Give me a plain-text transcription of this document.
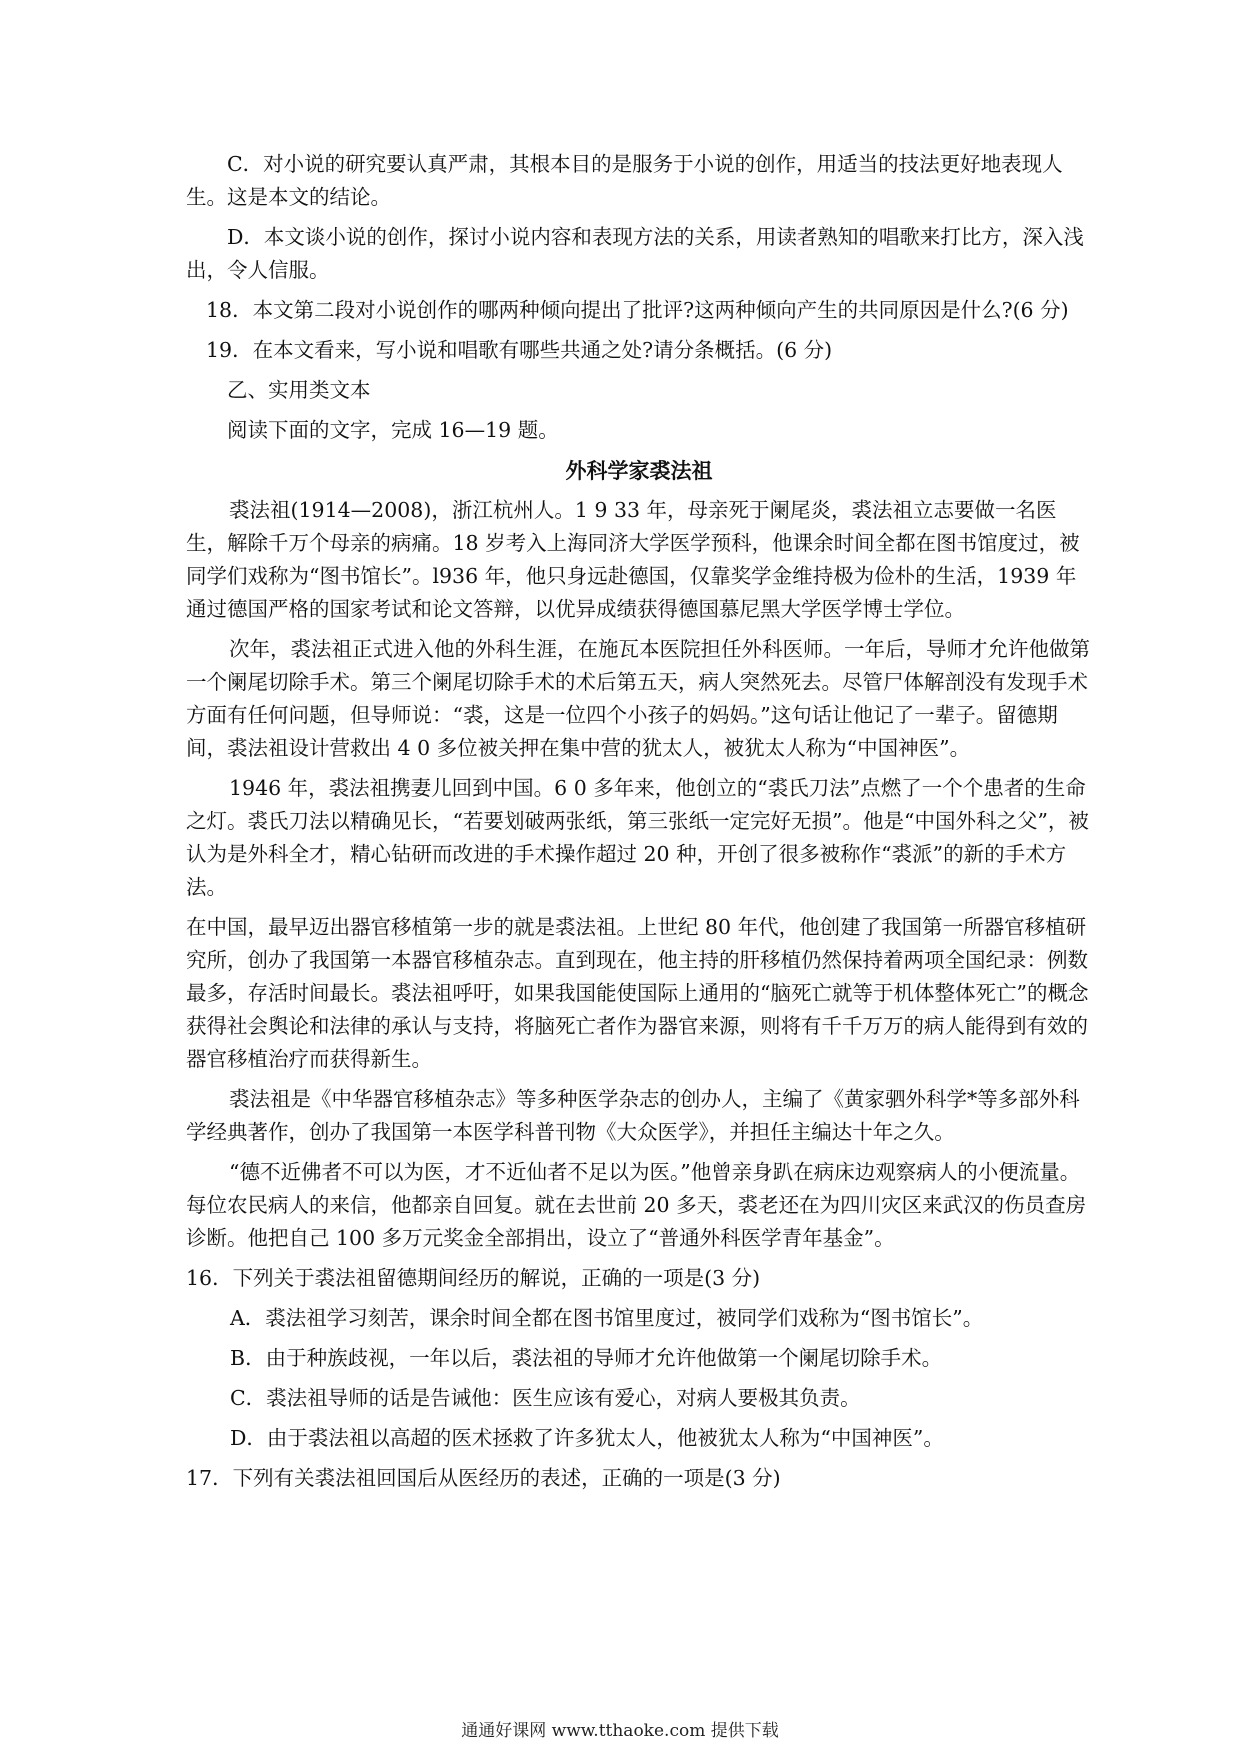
C．对小说的研究要认真严肃，其根本目的是服务于小说的创作，用适当的技法更好地表现人生。这是本文的结论。

D．本文谈小说的创作，探讨小说内容和表现方法的关系，用读者熟知的唱歌来打比方，深入浅出，令人信服。

18．本文第二段对小说创作的哪两种倾向提出了批评?这两种倾向产生的共同原因是什么?(6 分)

19．在本文看来，写小说和唱歌有哪些共通之处?请分条概括。(6 分)

乙、实用类文本

阅读下面的文字，完成 16—19 题。

外科学家裘法祖

裘法祖(1914—2008)，浙江杭州人。1 9 33 年，母亲死于阑尾炎，裘法祖立志要做一名医生，解除千万个母亲的病痛。18 岁考入上海同济大学医学预科，他课余时间全都在图书馆度过，被同学们戏称为“图书馆长”。l936 年，他只身远赴德国，仅靠奖学金维持极为俭朴的生活，1939 年通过德国严格的国家考试和论文答辩，以优异成绩获得德国慕尼黑大学医学博士学位。

次年，裘法祖正式进入他的外科生涯，在施瓦本医院担任外科医师。一年后，导师才允许他做第一个阑尾切除手术。第三个阑尾切除手术的术后第五天，病人突然死去。尽管尸体解剖没有发现手术方面有任何问题，但导师说：“裘，这是一位四个小孩子的妈妈。”这句话让他记了一辈子。留德期间，裘法祖设计营救出 4 0 多位被关押在集中营的犹太人，被犹太人称为“中国神医”。

1946 年，裘法祖携妻儿回到中国。6 0 多年来，他创立的“裘氏刀法”点燃了一个个患者的生命之灯。裘氏刀法以精确见长，“若要划破两张纸，第三张纸一定完好无损”。他是“中国外科之父”，被认为是外科全才，精心钻研而改进的手术操作超过 20 种，开创了很多被称作“裘派”的新的手术方法。

在中国，最早迈出器官移植第一步的就是裘法祖。上世纪 80 年代，他创建了我国第一所器官移植研究所，创办了我国第一本器官移植杂志。直到现在，他主持的肝移植仍然保持着两项全国纪录：例数最多，存活时间最长。裘法祖呼吁，如果我国能使国际上通用的“脑死亡就等于机体整体死亡”的概念获得社会舆论和法律的承认与支持，将脑死亡者作为器官来源，则将有千千万万的病人能得到有效的器官移植治疗而获得新生。

裘法祖是《中华器官移植杂志》等多种医学杂志的创办人，主编了《黄家驷外科学*等多部外科学经典著作，创办了我国第一本医学科普刊物《大众医学》，并担任主编达十年之久。

“德不近佛者不可以为医，才不近仙者不足以为医。”他曾亲身趴在病床边观察病人的小便流量。每位农民病人的来信，他都亲自回复。就在去世前 20 多天，裘老还在为四川灾区来武汉的伤员查房诊断。他把自己 100 多万元奖金全部捐出，设立了“普通外科医学青年基金”。

16．下列关于裘法祖留德期间经历的解说，正确的一项是(3 分)

A．裘法祖学习刻苦，课余时间全都在图书馆里度过，被同学们戏称为“图书馆长”。

B．由于种族歧视，一年以后，裘法祖的导师才允许他做第一个阑尾切除手术。

C．裘法祖导师的话是告诫他：医生应该有爱心，对病人要极其负责。

D．由于裘法祖以高超的医术拯救了许多犹太人，他被犹太人称为“中国神医”。

17．下列有关裘法祖回国后从医经历的表述，正确的一项是(3 分)

通通好课网 www.tthaoke.com 提供下载
